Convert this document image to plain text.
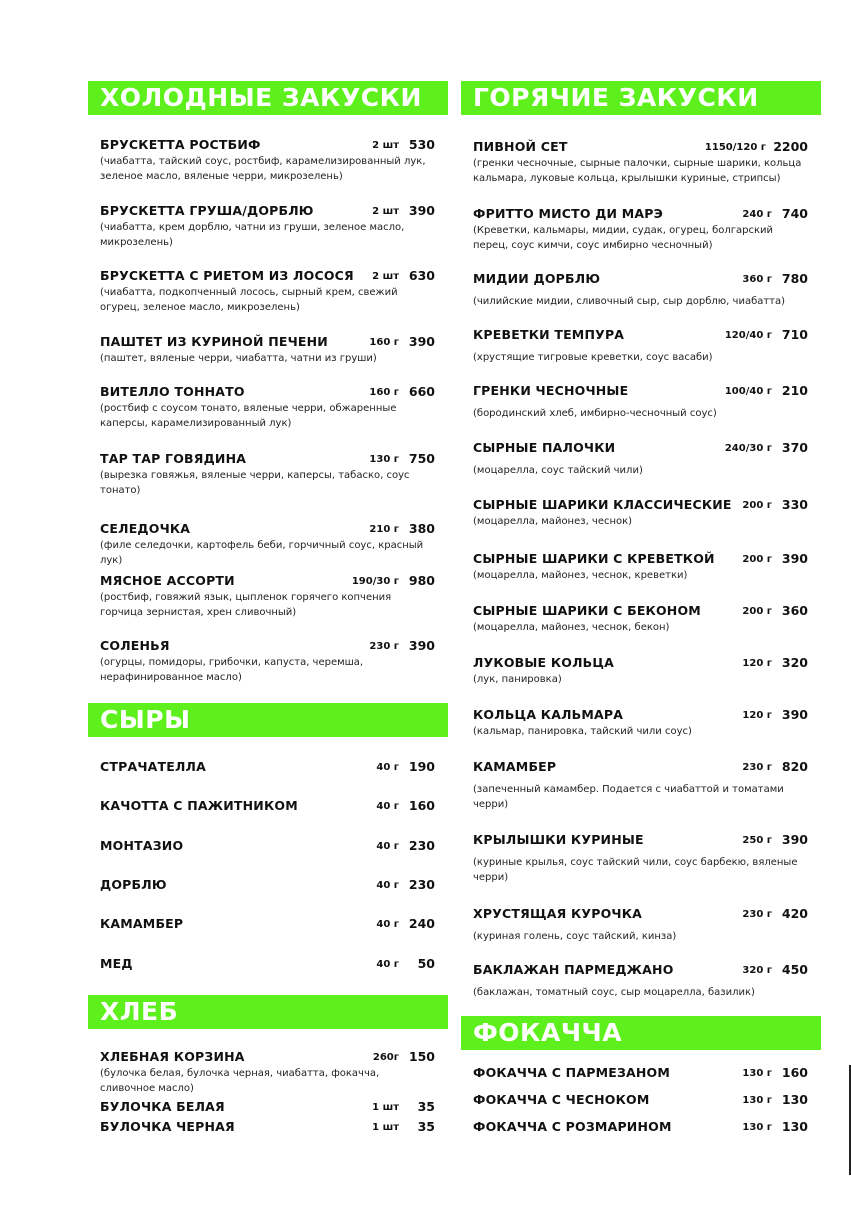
ХОЛОДНЫЕ ЗАКУСКИ
БРУСКЕТТА РОСТБИФ	2 шт 530
(чиабатта, тайский соус, ростбиф, карамелизированный лук, зеленое масло, вяленые черри, микрозелень)
БРУСКЕТТА ГРУША/ДОРБЛЮ	2 шт 390
(чиабатта, крем дорблю, чатни из груши, зеленое масло, микрозелень)
БРУСКЕТТА С РИЕТОМ ИЗ ЛОСОСЯ 2 шт 630
(чиабатта, подкопченный лосось, сырный крем, свежий огурец, зеленое масло, микрозелень)
ПАШТЕТ ИЗ КУРИНОЙ ПЕЧЕНИ	160 г 390
(паштет, вяленые черри, чиабатта, чатни из груши)
ВИТЕЛЛО ТОННАТО	160 г 660
(ростбиф с соусом тонато, вяленые черри, обжаренные каперсы, карамелизированный лук)
ТАР ТАР ГОВЯДИНА	130 г 750
(вырезка говяжья, вяленые черри, каперсы, табаско, соус тонато)
СЕЛЕДОЧКА	210 г 380
(филе селедочки, картофель беби, горчичный соус, красный лук)
МЯСНОЕ АССОРТИ	190/30 г 980
(ростбиф, говяжий язык, цыпленок горячего копчения горчица зернистая, хрен сливочный)
СОЛЕНЬЯ	230 г 390
(огурцы, помидоры, грибочки, капуста, черемша, нерафинированное масло)
СЫРЫ
СТРАЧАТЕЛЛА	40 г 190
КАЧОТТА С ПАЖИТНИКОМ	40 г 160
МОНТАЗИО	40 г 230
ДОРБЛЮ	40 г 230
КАМАМБЕР	40 г 240
МЕД	40 г 50
ХЛЕБ
ХЛЕБНАЯ КОРЗИНА	260г 150
(булочка белая, булочка черная, чиабатта, фокачча, сливочное масло)
БУЛОЧКА БЕЛАЯ	1 шт 35
БУЛОЧКА ЧЕРНАЯ	1 шт 35
ГОРЯЧИЕ ЗАКУСКИ
ПИВНОЙ СЕТ	1150/120 г 2200
(гренки чесночные, сырные палочки, сырные шарики, кольца кальмара, луковые кольца, крылышки куриные, стрипсы)
ФРИТТО МИСТО ДИ МАРЭ	240 г 740
(Креветки, кальмары, мидии, судак, огурец, болгарский перец, соус кимчи, соус имбирно чесночный)
МИДИИ ДОРБЛЮ	360 г 780
(чилийские мидии, сливочный сыр, сыр дорблю, чиабатта)
КРЕВЕТКИ ТЕМПУРА	120/40 г 710
(хрустящие тигровые креветки, соус васаби)
ГРЕНКИ ЧЕСНОЧНЫЕ	100/40 г 210
(бородинский хлеб, имбирно-чесночный соус)
СЫРНЫЕ ПАЛОЧКИ	240/30 г 370
(моцарелла, соус тайский чили)
СЫРНЫЕ ШАРИКИ КЛАССИЧЕСКИЕ 200 г 330
(моцарелла, майонез, чеснок)
СЫРНЫЕ ШАРИКИ С КРЕВЕТКОЙ	200 г 390
(моцарелла, майонез, чеснок, креветки)
СЫРНЫЕ ШАРИКИ С БЕКОНОМ	200 г 360
(моцарелла, майонез, чеснок, бекон)
ЛУКОВЫЕ КОЛЬЦА	120 г 320
(лук, панировка)
КОЛЬЦА КАЛЬМАРА	120 г 390
(кальмар, панировка, тайский чили соус)
КАМАМБЕР	230 г 820
(запеченный камамбер. Подается с чиабаттой и томатами черри)
КРЫЛЫШКИ КУРИНЫЕ	250 г 390
(куриные крылья, соус тайский чили, соус барбекю, вяленые черри)
ХРУСТЯЩАЯ КУРОЧКА	230 г 420
(куриная голень, соус тайский, кинза)
БАКЛАЖАН ПАРМЕДЖАНО	320 г 450
(баклажан, томатный соус, сыр моцарелла, базилик)
ФОКАЧЧА
ФОКАЧЧА С ПАРМЕЗАНОМ	130 г 160
ФОКАЧЧА С ЧЕСНОКОМ	130 г 130
ФОКАЧЧА С РОЗМАРИНОМ	130 г 130
